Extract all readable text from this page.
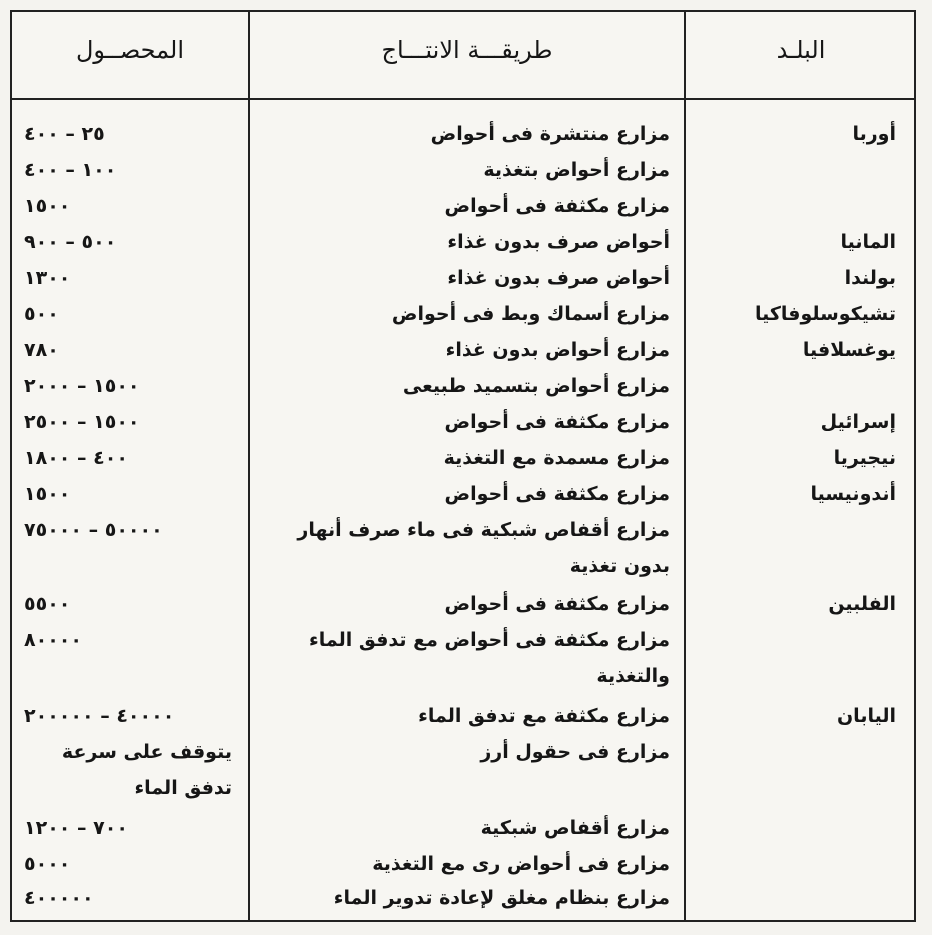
البلـد
طريقـــة الانتـــاج
المحصــول
أوربا
مزارع منتشرة فى أحواض
٢٥ – ٤٠٠
مزارع أحواض بتغذية
١٠٠ – ٤٠٠
مزارع مكثفة فى أحواض
١٥٠٠
المانيا
أحواض صرف بدون غذاء
٥٠٠ – ٩٠٠
بولندا
أحواض صرف بدون غذاء
١٣٠٠
تشيكوسلوفاكيا
مزارع أسماك وبط فى أحواض
٥٠٠
يوغسلافيا
مزارع أحواض بدون غذاء
٧٨٠
مزارع أحواض بتسميد طبيعى
١٥٠٠ – ٢٠٠٠
إسرائيل
مزارع مكثفة فى أحواض
١٥٠٠ – ٢٥٠٠
نيجيريا
مزارع مسمدة مع التغذية
٤٠٠ – ١٨٠٠
أندونيسيا
مزارع مكثفة فى أحواض
١٥٠٠
مزارع أقفاص شبكية فى ماء صرف أنهار بدون تغذية
٥٠٠٠٠ – ٧٥٠٠٠
الفلبين
مزارع مكثفة فى أحواض
٥٥٠٠
مزارع مكثفة فى أحواض مع تدفق الماء والتغذية
٨٠٠٠٠
اليابان
مزارع مكثفة مع تدفق الماء
٤٠٠٠٠ – ٢٠٠٠٠٠
مزارع فى حقول أرز
يتوقف على سرعة تدفق الماء
مزارع أقفاص شبكية
٧٠٠ – ١٢٠٠
مزارع فى أحواض رى مع التغذية
٥٠٠٠
مزارع بنظام مغلق لإعادة تدوير الماء
٤٠٠٠٠٠
